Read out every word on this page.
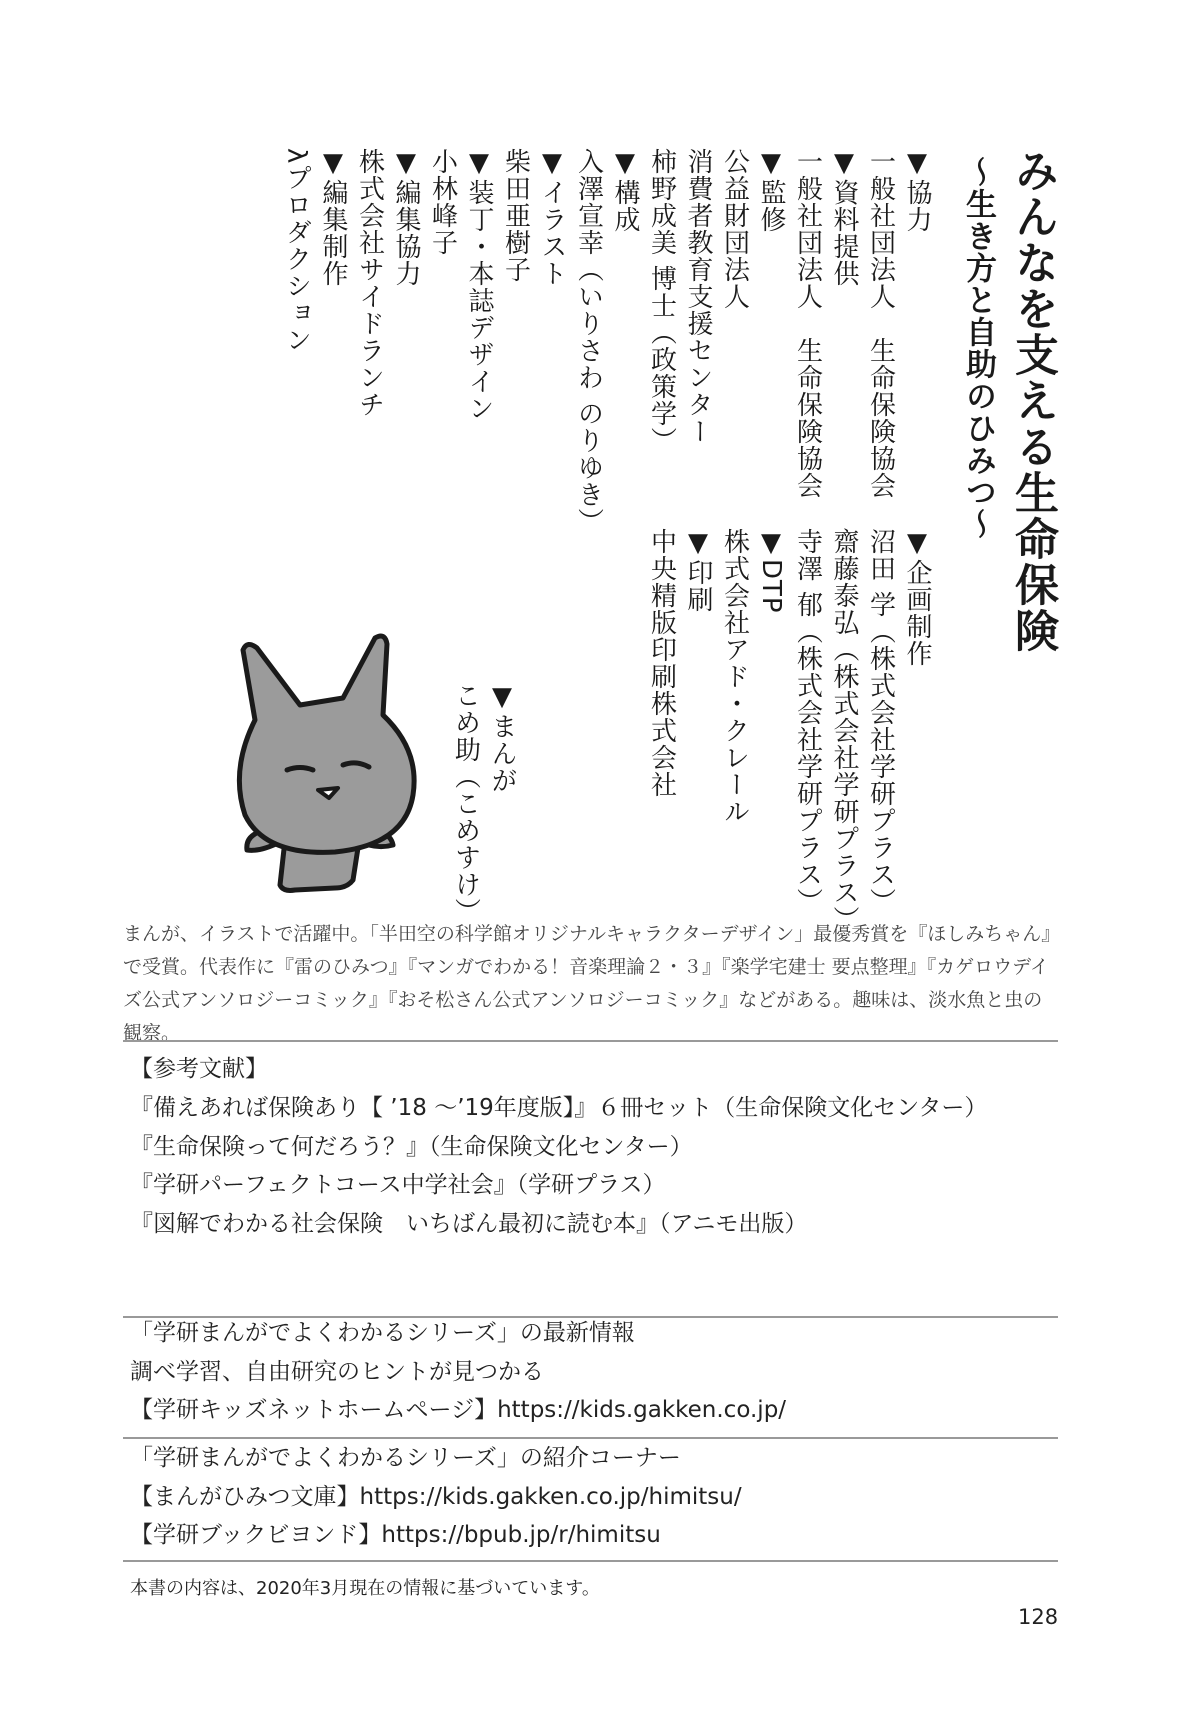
みんなを支える生命保険
〜生き方と自助のひみつ〜
▼ 協力
一般社団法人　生命保険協会
▼ 資料提供
一般社団法人　生命保険協会
▼ 監修
公益財団法人
消費者教育支援センター
柿野成美 博士（政策学）
▼ 構成
入澤宣幸（いりさわ のりゆき）
▼ イラスト
柴田亜樹子
▼ 装丁・本誌デザイン
小林峰子
▼ 編集協力
株式会社サイドランチ
▼ 編集制作
λプロダクション
▼ 企画制作
沼田 学（株式会社学研プラス）
齋藤泰弘（株式会社学研プラス）
寺澤 郁（株式会社学研プラス）
▼ DTP
株式会社アド・クレール
▼ 印刷
中央精版印刷株式会社
▼ まんが
こめ助（こめすけ）

まんが、イラストで活躍中。「半田空の科学館オリジナルキャラクターデザイン」最優秀賞を『ほしみちゃん』で受賞。代表作に『雷のひみつ』『マンガでわかる！音楽理論２・３』『楽学宅建士 要点整理』『カゲロウデイズ公式アンソロジーコミック』『おそ松さん公式アンソロジーコミック』などがある。趣味は、淡水魚と虫の観察。

【参考文献】
『備えあれば保険あり【 ’18 〜’19年度版】』６冊セット（生命保険文化センター）
『生命保険って何だろう？』（生命保険文化センター）
『学研パーフェクトコース中学社会』（学研プラス）
『図解でわかる社会保険　いちばん最初に読む本』（アニモ出版）
「学研まんがでよくわかるシリーズ」の最新情報
調べ学習、自由研究のヒントが見つかる
【学研キッズネットホームページ】https://kids.gakken.co.jp/
「学研まんがでよくわかるシリーズ」の紹介コーナー
【まんがひみつ文庫】https://kids.gakken.co.jp/himitsu/
【学研ブックビヨンド】https://bpub.jp/r/himitsu
本書の内容は、2020年3月現在の情報に基づいています。
128
